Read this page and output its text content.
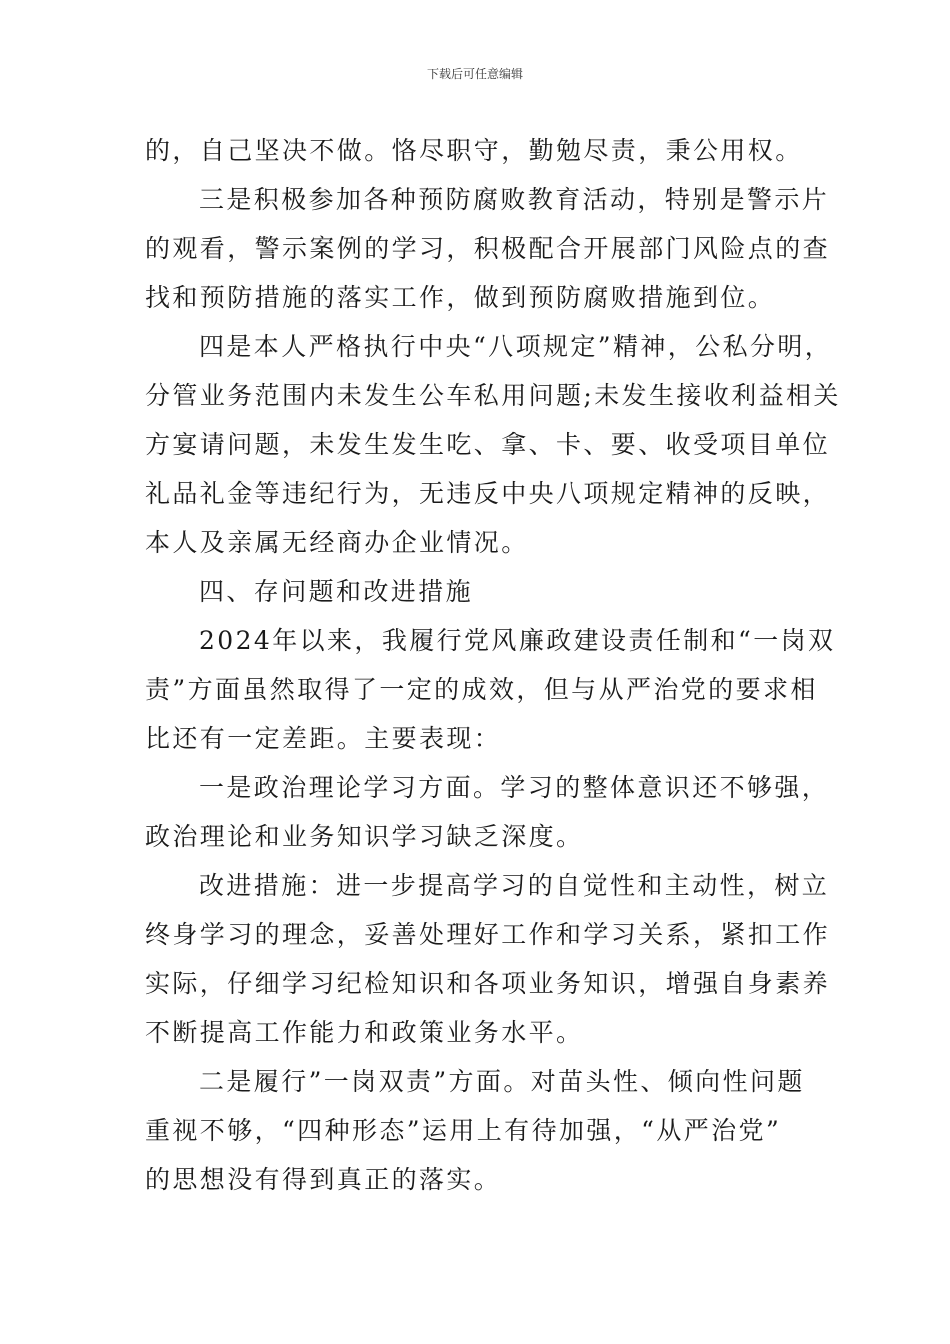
下载后可任意编辑
的，自己坚决不做。恪尽职守，勤勉尽责，秉公用权。
三是积极参加各种预防腐败教育活动，特别是警示片
的观看，警示案例的学习，积极配合开展部门风险点的查
找和预防措施的落实工作，做到预防腐败措施到位。
四是本人严格执行中央“八项规定”精神，公私分明，
分管业务范围内未发生公车私用问题;未发生接收利益相关
方宴请问题，未发生发生吃、拿、卡、要、收受项目单位
礼品礼金等违纪行为，无违反中央八项规定精神的反映，
本人及亲属无经商办企业情况。
四、存问题和改进措施
2024年以来，我履行党风廉政建设责任制和“一岗双
责”方面虽然取得了一定的成效，但与从严治党的要求相
比还有一定差距。主要表现：
一是政治理论学习方面。学习的整体意识还不够强，
政治理论和业务知识学习缺乏深度。
改进措施：进一步提高学习的自觉性和主动性，树立
终身学习的理念，妥善处理好工作和学习关系，紧扣工作
实际，仔细学习纪检知识和各项业务知识，增强自身素养
不断提高工作能力和政策业务水平。
二是履行”一岗双责”方面。对苗头性、倾向性问题
重视不够，“四种形态”运用上有待加强，“从严治党”
的思想没有得到真正的落实。
